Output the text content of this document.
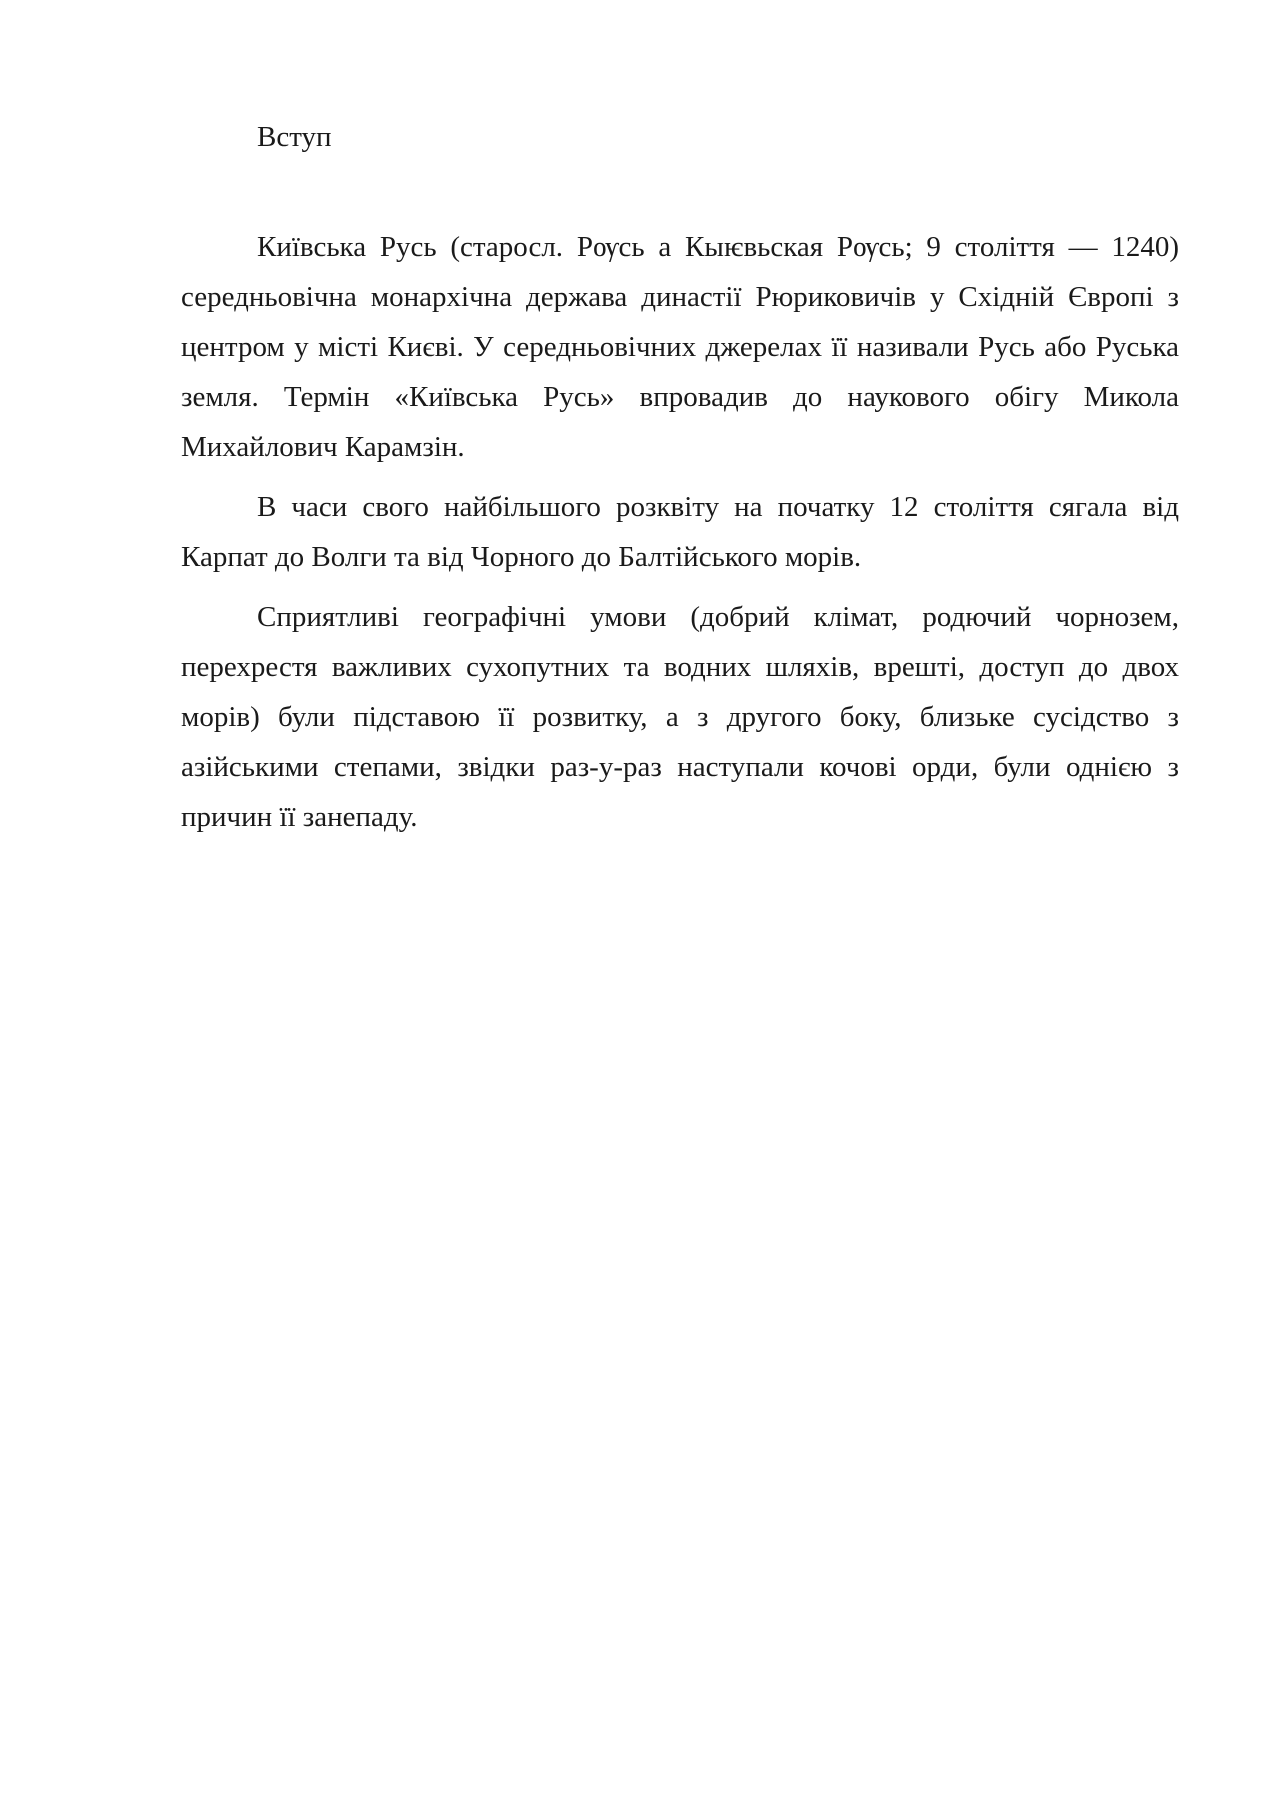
Вступ

Київська Русь (старосл. Рѹсь а Кыѥвьская Рѹсь; 9 століття — 1240) середньовічна монархічна держава династії Рюриковичів у Східній Європі з центром у місті Києві. У середньовічних джерелах її називали Русь або Руська земля. Термін «Київська Русь» впровадив до наукового обігу Микола Михайлович Карамзін.

В часи свого найбільшого розквіту на початку 12 століття сягала від Карпат до Волги та від Чорного до Балтійського морів.

Сприятливі географічні умови (добрий клімат, родючий чорнозем, перехрестя важливих сухопутних та водних шляхів, врешті, доступ до двох морів) були підставою її розвитку, а з другого боку, близьке сусідство з азійськими степами, звідки раз-у-раз наступали кочові орди, були однією з причин її занепаду.
